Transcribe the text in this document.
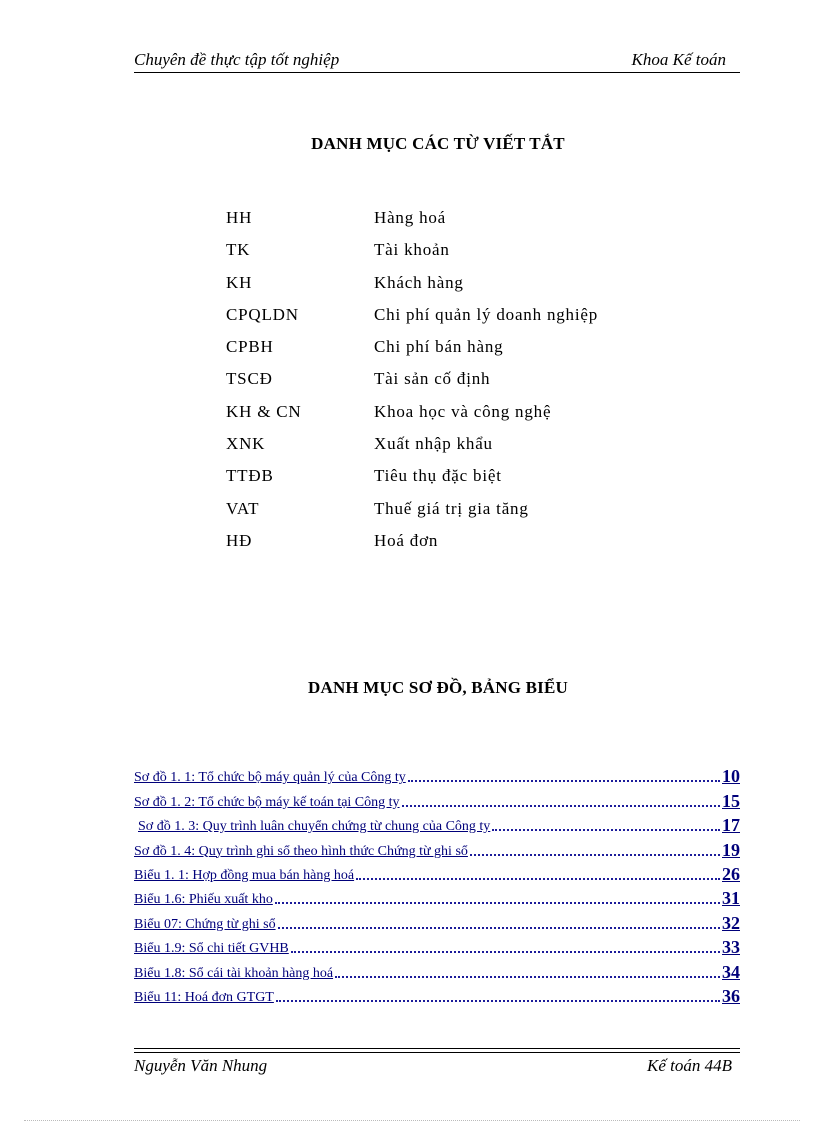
Chuyên đề thực tập tốt nghiệp	Khoa Kế toán
DANH MỤC CÁC TỪ VIẾT TẮT
HH	Hàng hoá
TK	Tài khoản
KH	Khách hàng
CPQLDN	Chi phí quản lý doanh nghiệp
CPBH	Chi phí bán hàng
TSCĐ	Tài sản cố định
KH & CN	Khoa học và công nghệ
XNK	Xuất nhập khẩu
TTĐB	Tiêu thụ đặc biệt
VAT	Thuế giá trị gia tăng
HĐ	Hoá đơn
DANH MỤC SƠ ĐỒ, BẢNG BIỂU
Sơ đồ 1. 1: Tổ chức bộ máy quản lý của Công ty	10
Sơ đồ 1. 2: Tổ chức bộ máy kế toán tại Công ty	15
Sơ đồ 1. 3: Quy trình luân chuyển chứng từ chung của Công ty	17
Sơ đồ 1. 4: Quy trình ghi sổ theo hình thức Chứng từ ghi sổ	19
Biểu 1. 1: Hợp đồng mua bán hàng hoá	26
Biểu 1.6: Phiếu xuất kho	31
Biểu 07: Chứng từ ghi sổ	32
Biểu 1.9: Sổ chi tiết GVHB	33
Biểu 1.8: Sổ cái tài khoản hàng hoá	34
Biểu 11: Hoá đơn GTGT	36
Nguyễn Văn Nhung	Kế toán 44B
